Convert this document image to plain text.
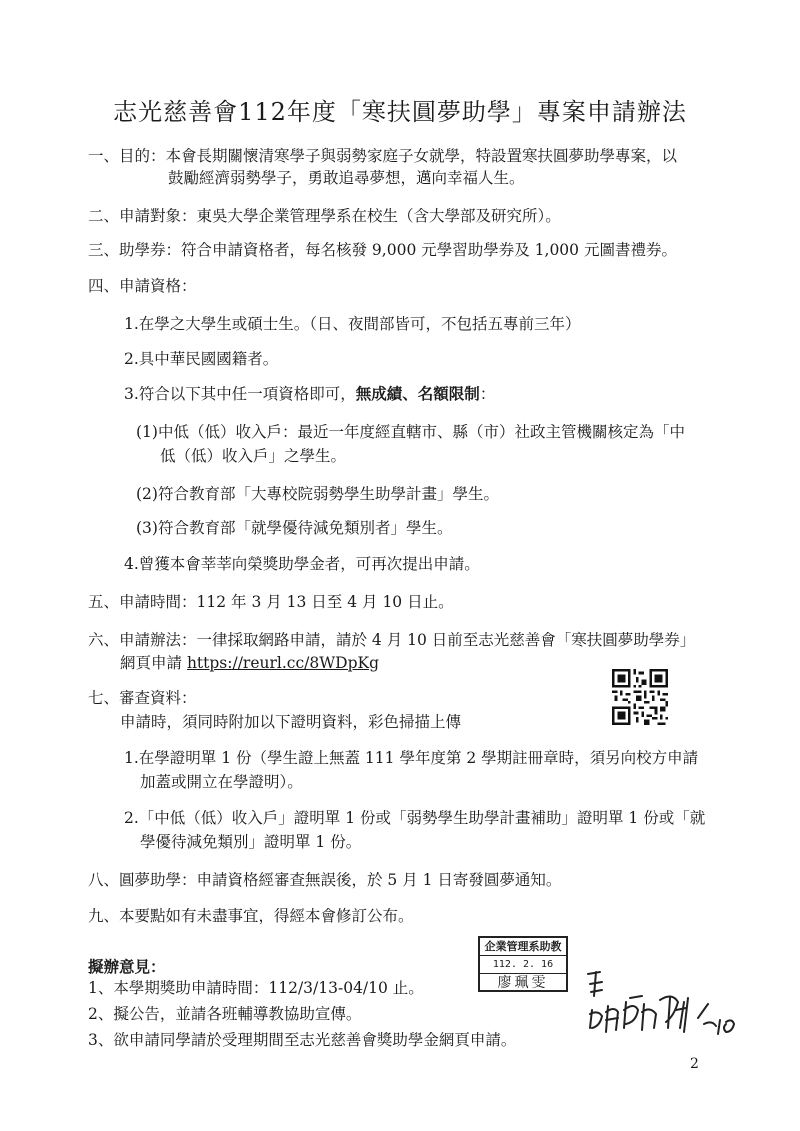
志光慈善會112年度「寒扶圓夢助學」專案申請辦法
一、目的：本會長期關懷清寒學子與弱勢家庭子女就學，特設置寒扶圓夢助學專案，以
鼓勵經濟弱勢學子，勇敢追尋夢想，邁向幸福人生。
二、申請對象：東吳大學企業管理學系在校生（含大學部及研究所）。
三、助學券：符合申請資格者，每名核發 9,000 元學習助學券及 1,000 元圖書禮券。
四、申請資格：
1.在學之大學生或碩士生。（日、夜間部皆可，不包括五專前三年）
2.具中華民國國籍者。
3.符合以下其中任一項資格即可，無成績、名額限制：
(1)中低（低）收入戶：最近一年度經直轄市、縣（市）社政主管機關核定為「中
低（低）收入戶」之學生。
(2)符合教育部「大專校院弱勢學生助學計畫」學生。
(3)符合教育部「就學優待減免類別者」學生。
4.曾獲本會莘莘向榮獎助學金者，可再次提出申請。
五、申請時間：112 年 3 月 13 日至 4 月 10 日止。
六、申請辦法：一律採取網路申請，請於 4 月 10 日前至志光慈善會「寒扶圓夢助學券」
網頁申請 https://reurl.cc/8WDpKg
七、審查資料：
申請時，須同時附加以下證明資料，彩色掃描上傳
1.在學證明單 1 份（學生證上無蓋 111 學年度第 2 學期註冊章時，須另向校方申請
加蓋或開立在學證明）。
2.「中低（低）收入戶」證明單 1 份或「弱勢學生助學計畫補助」證明單 1 份或「就
學優待減免類別」證明單 1 份。
八、圓夢助學：申請資格經審查無誤後，於 5 月 1 日寄發圓夢通知。
九、本要點如有未盡事宜，得經本會修訂公布。
企業管理系助教
112. 2. 16
廖珮雯
擬辦意見：
1、本學期獎助申請時間：112/3/13-04/10 止。
2、擬公告，並請各班輔導教協助宣傳。
3、欲申請同學請於受理期間至志光慈善會獎助學金網頁申請。
2
